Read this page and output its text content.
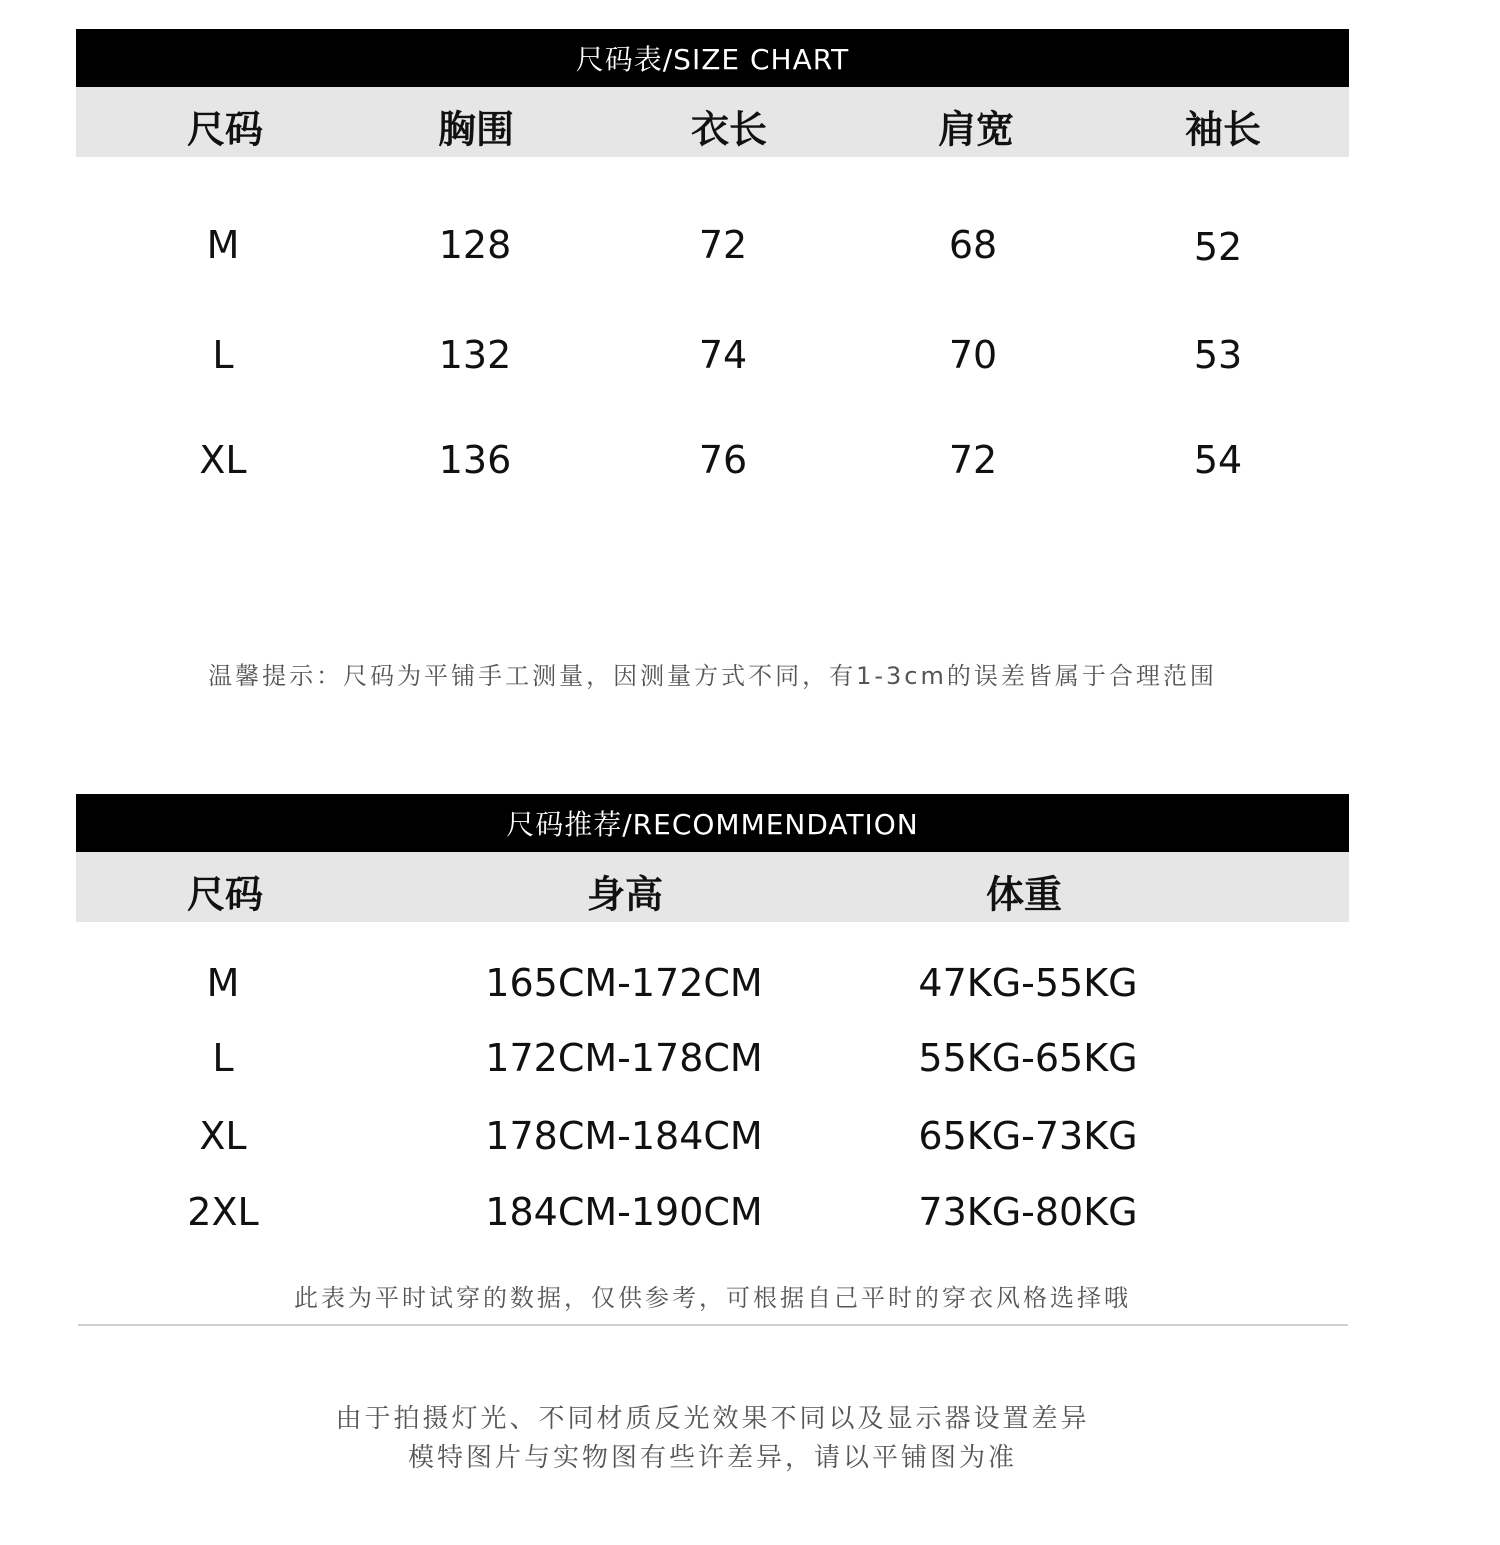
尺码表/SIZE CHART
尺码	胸围	衣长	肩宽	袖长
M	128	72	68	52
L	132	74	70	53
XL	136	76	72	54
温馨提示：尺码为平铺手工测量，因测量方式不同，有1-3cm的误差皆属于合理范围
尺码推荐/RECOMMENDATION
尺码	身高	体重
M	165CM-172CM	47KG-55KG
L	172CM-178CM	55KG-65KG
XL	178CM-184CM	65KG-73KG
2XL	184CM-190CM	73KG-80KG
此表为平时试穿的数据，仅供参考，可根据自己平时的穿衣风格选择哦
由于拍摄灯光、不同材质反光效果不同以及显示器设置差异
模特图片与实物图有些许差异，请以平铺图为准
